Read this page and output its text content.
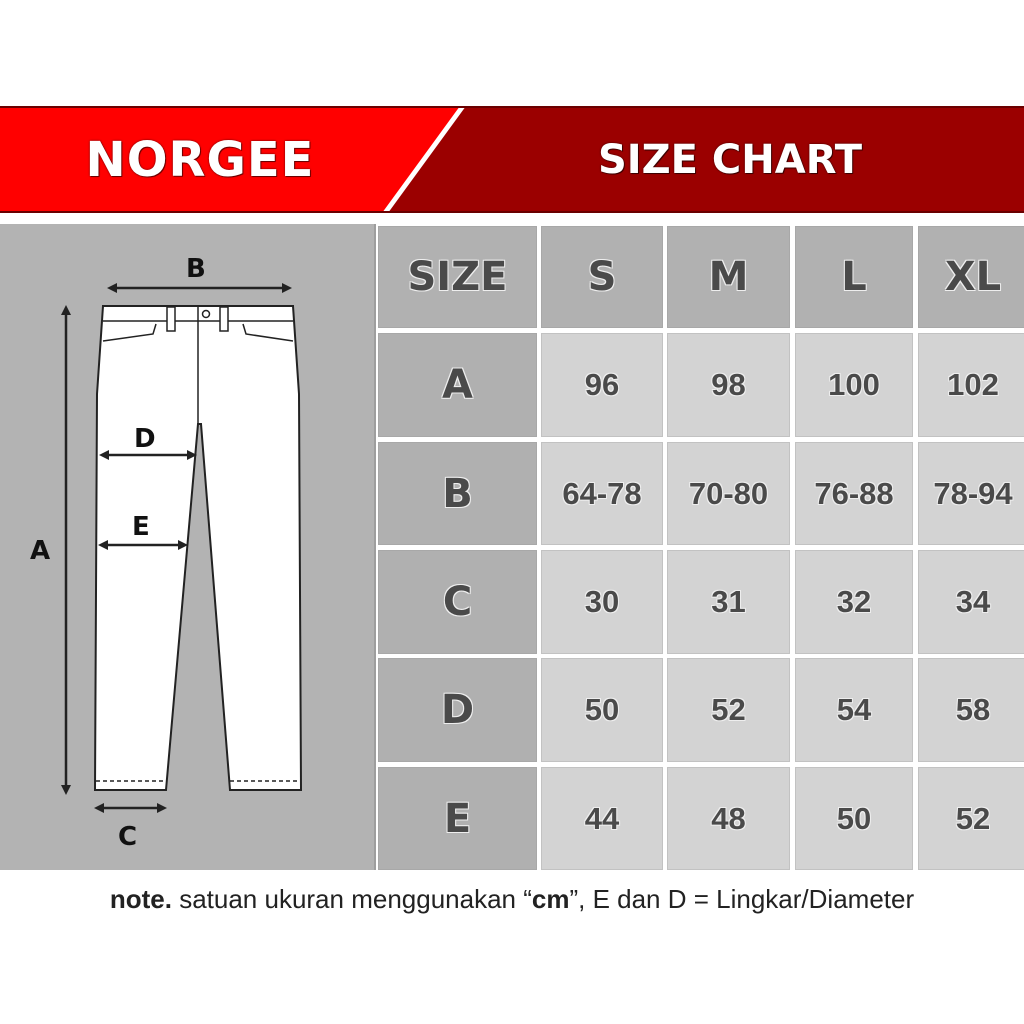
NORGEE	SIZE CHART
B
A
D
E
C
SIZE	S	M	L	XL
A	96	98	100	102
B	64-78	70-80	76-88	78-94
C	30	31	32	34
D	50	52	54	58
E	44	48	50	52
note. satuan ukuran menggunakan “cm”, E dan D = Lingkar/Diameter
